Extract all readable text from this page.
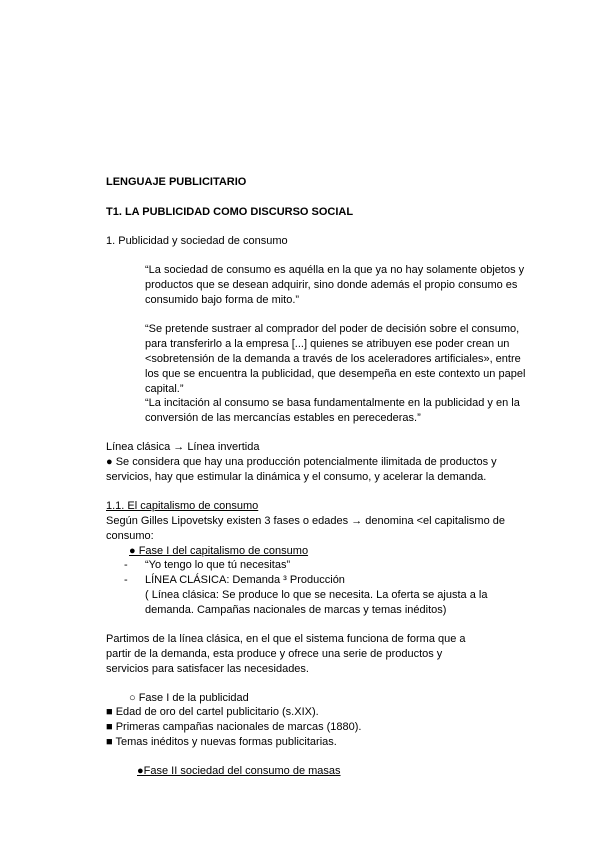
LENGUAJE PUBLICITARIO
T1. LA PUBLICIDAD COMO DISCURSO SOCIAL
1. Publicidad y sociedad de consumo
“La sociedad de consumo es aquélla en la que ya no hay solamente objetos y
productos que se desean adquirir, sino donde además el propio consumo es
consumido bajo forma de mito.”
“Se pretende sustraer al comprador del poder de decisión sobre el consumo,
para transferirlo a la empresa [...] quienes se atribuyen ese poder crean un
<sobretensión de la demanda a través de los aceleradores artificiales», entre
los que se encuentra la publicidad, que desempeña en este contexto un papel
capital.”
“La incitación al consumo se basa fundamentalmente en la publicidad y en la
conversión de las mercancías estables en perecederas.”
Línea clásica → Línea invertida
● Se considera que hay una producción potencialmente ilimitada de productos y
servicios, hay que estimular la dinámica y el consumo, y acelerar la demanda.
1.1. El capitalismo de consumo
Según Gilles Lipovetsky existen 3 fases o edades → denomina <el capitalismo de
consumo:
● Fase I del capitalismo de consumo
- “Yo tengo lo que tú necesitas”
- LÍNEA CLÁSICA: Demanda ³ Producción
( Línea clásica: Se produce lo que se necesita. La oferta se ajusta a la
demanda. Campañas nacionales de marcas y temas inéditos)
Partimos de la línea clásica, en el que el sistema funciona de forma que a
partir de la demanda, esta produce y ofrece una serie de productos y
servicios para satisfacer las necesidades.
○ Fase I de la publicidad
■ Edad de oro del cartel publicitario (s.XIX).
■ Primeras campañas nacionales de marcas (1880).
■ Temas inéditos y nuevas formas publicitarias.
●Fase II sociedad del consumo de masas
